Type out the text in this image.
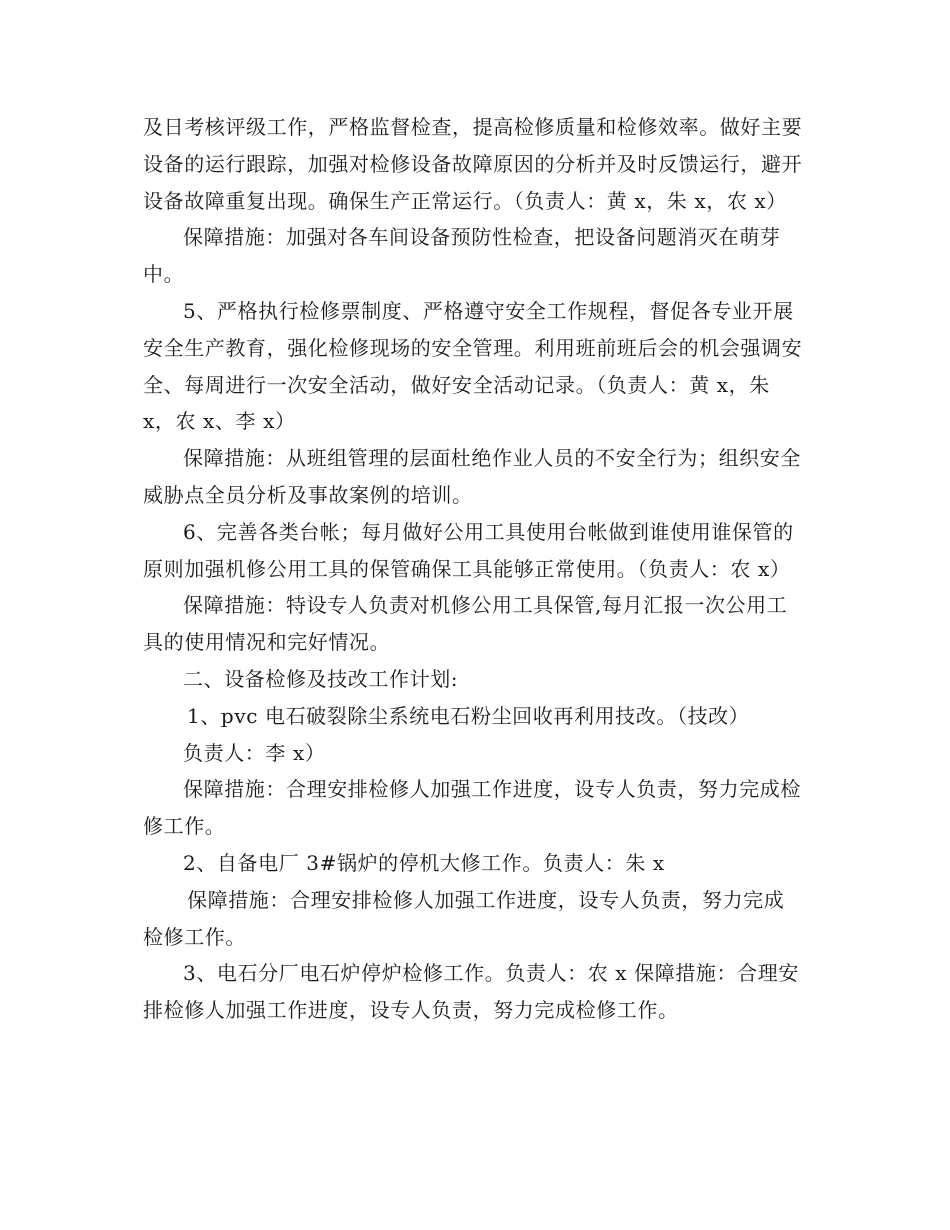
及日考核评级工作，严格监督检查，提高检修质量和检修效率。做好主要设备的运行跟踪，加强对检修设备故障原因的分析并及时反馈运行，避开设备故障重复出现。确保生产正常运行。（负责人：黄 x，朱 x，农 x）

保障措施：加强对各车间设备预防性检查，把设备问题消灭在萌芽中。

5、严格执行检修票制度、严格遵守安全工作规程，督促各专业开展安全生产教育，强化检修现场的安全管理。利用班前班后会的机会强调安全、每周进行一次安全活动，做好安全活动记录。（负责人：黄 x，朱 x，农 x、李 x）

保障措施：从班组管理的层面杜绝作业人员的不安全行为；组织安全威胁点全员分析及事故案例的培训。

6、完善各类台帐；每月做好公用工具使用台帐做到谁使用谁保管的原则加强机修公用工具的保管确保工具能够正常使用。（负责人：农 x）

保障措施：特设专人负责对机修公用工具保管,每月汇报一次公用工具的使用情况和完好情况。

二、设备检修及技改工作计划:

1、pvc 电石破裂除尘系统电石粉尘回收再利用技改。（技改）

负责人：李 x）

保障措施：合理安排检修人加强工作进度，设专人负责，努力完成检修工作。

2、自备电厂 3#锅炉的停机大修工作。负责人：朱 x

保障措施：合理安排检修人加强工作进度，设专人负责，努力完成检修工作。

3、电石分厂电石炉停炉检修工作。负责人：农 x 保障措施：合理安排检修人加强工作进度，设专人负责，努力完成检修工作。
